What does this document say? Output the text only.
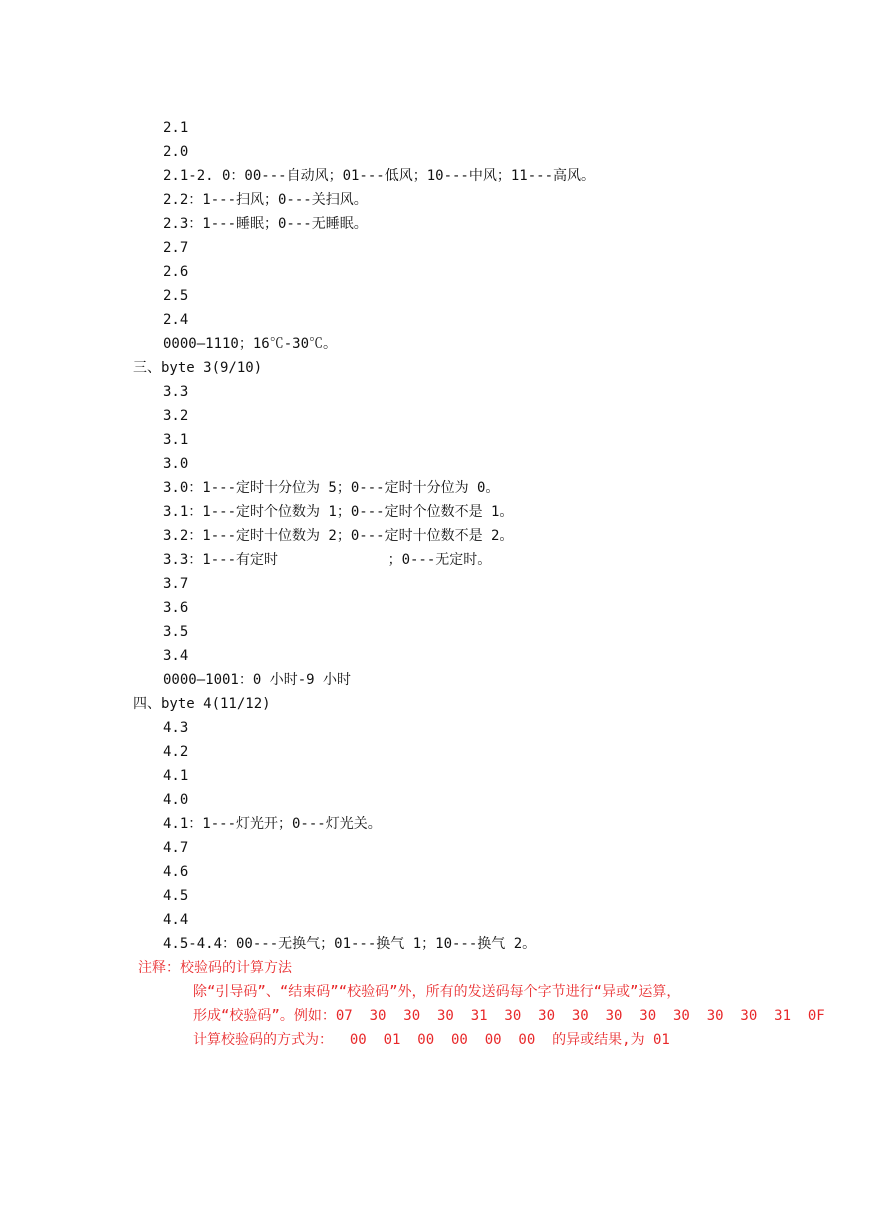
2.1
2.0
2.1-2. 0：00---自动风；01---低风；10---中风；11---高风。
2.2：1---扫风；0---关扫风。
2.3：1---睡眠；0---无睡眠。
2.7
2.6
2.5
2.4
0000—1110；16℃-30℃。
三、byte 3(9/10)
3.3
3.2
3.1
3.0
3.0：1---定时十分位为 5；0---定时十分位为 0。
3.1：1---定时个位数为 1；0---定时个位数不是 1。
3.2：1---定时十位数为 2；0---定时十位数不是 2。
3.3：1---有定时             ；0---无定时。
3.7
3.6
3.5
3.4
0000—1001：0 小时-9 小时
四、byte 4(11/12)
4.3
4.2
4.1
4.0
4.1：1---灯光开；0---灯光关。
4.7
4.6
4.5
4.4
4.5-4.4：00---无换气；01---换气 1；10---换气 2。
注释：校验码的计算方法
除“引导码”、“结束码”“校验码”外，所有的发送码每个字节进行“异或”运算，
形成“校验码”。例如：07  30  30  30  31  30  30  30  30  30  30  30  30  31  0F
计算校验码的方式为：  00  01  00  00  00  00  的异或结果,为 01
